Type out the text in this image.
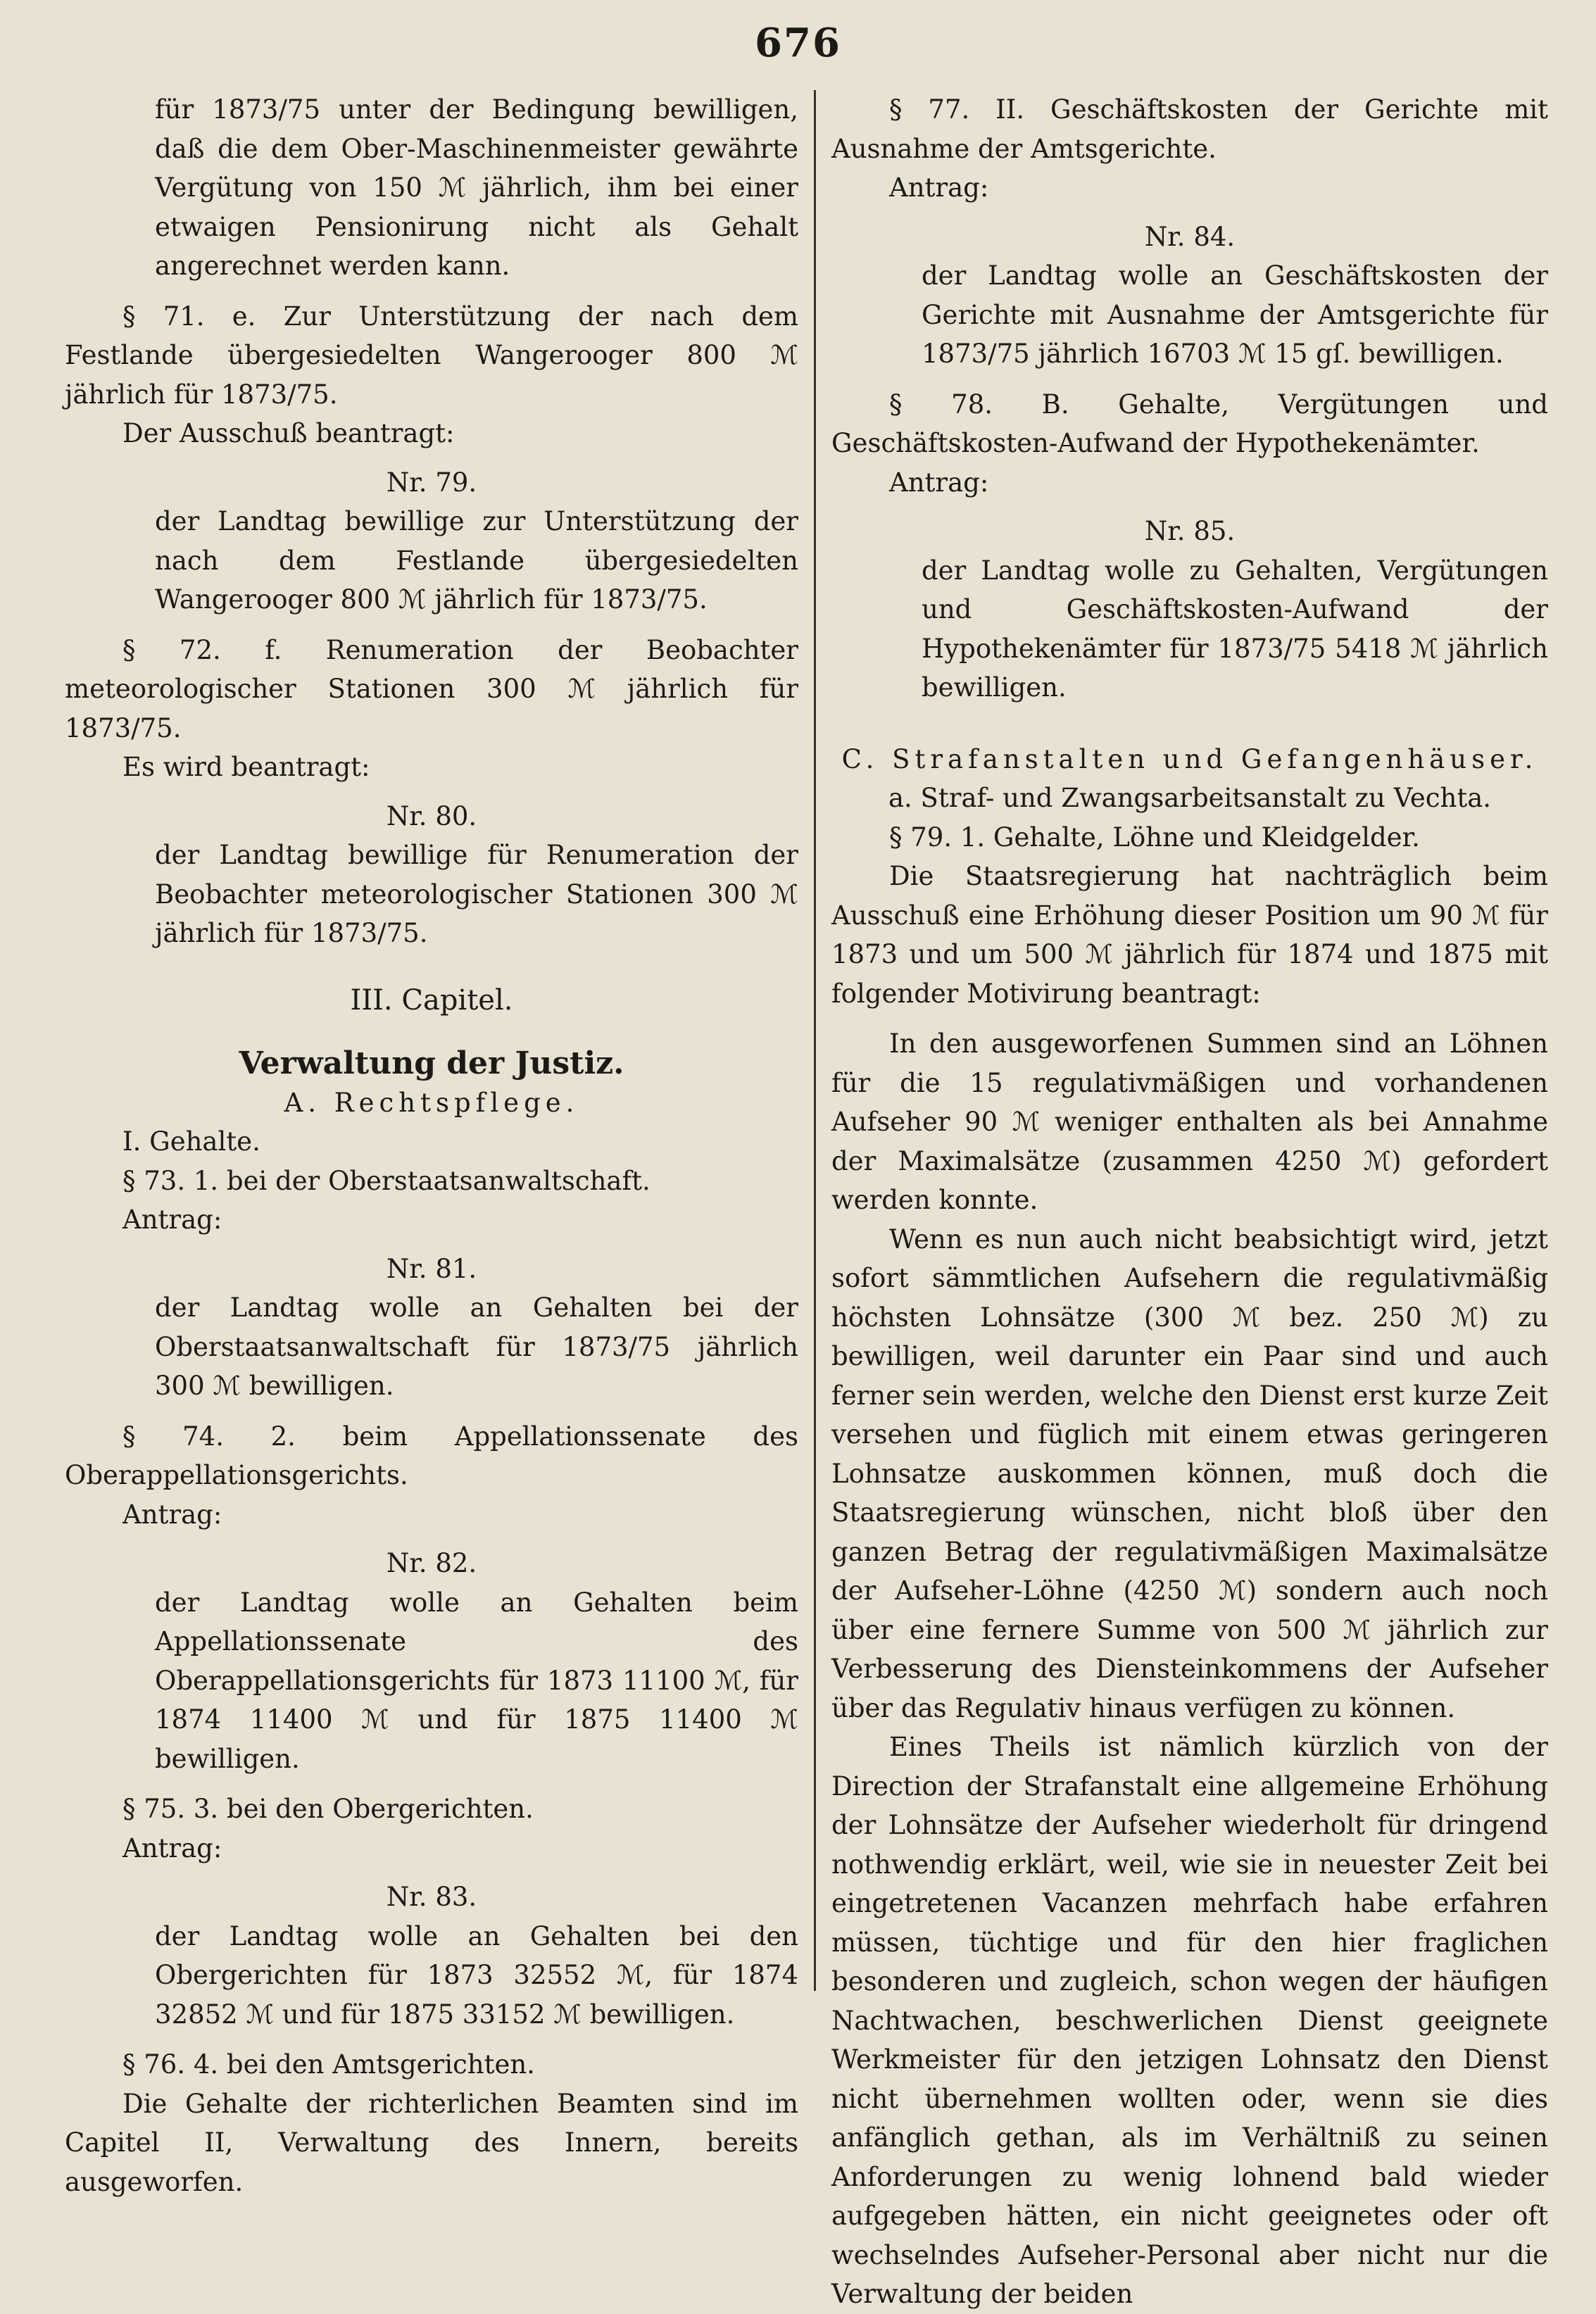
676

für 1873/75 unter der Bedingung bewilligen, daß die dem Ober-Maschinenmeister gewährte Vergütung von 150 ℳ jährlich, ihm bei einer etwaigen Pensionirung nicht als Gehalt angerechnet werden kann.

§ 71. e. Zur Unterstützung der nach dem Festlande übergesiedelten Wangerooger 800 ℳ jährlich für 1873/75.

Der Ausschuß beantragt:

Nr. 79.

der Landtag bewillige zur Unterstützung der nach dem Festlande übergesiedelten Wangerooger 800 ℳ jährlich für 1873/75.

§ 72. f. Renumeration der Beobachter meteorologischer Stationen 300 ℳ jährlich für 1873/75.

Es wird beantragt:

Nr. 80.

der Landtag bewillige für Renumeration der Beobachter meteorologischer Stationen 300 ℳ jährlich für 1873/75.

III. Capitel.

Verwaltung der Justiz.

A. Rechtspflege.

I. Gehalte.

§ 73. 1. bei der Oberstaatsanwaltschaft.

Antrag:

Nr. 81.

der Landtag wolle an Gehalten bei der Oberstaatsanwaltschaft für 1873/75 jährlich 300 ℳ bewilligen.

§ 74. 2. beim Appellationssenate des Oberappellationsgerichts.

Antrag:

Nr. 82.

der Landtag wolle an Gehalten beim Appellationssenate des Oberappellationsgerichts für 1873 11100 ℳ, für 1874 11400 ℳ und für 1875 11400 ℳ bewilligen.

§ 75. 3. bei den Obergerichten.

Antrag:

Nr. 83.

der Landtag wolle an Gehalten bei den Obergerichten für 1873 32552 ℳ, für 1874 32852 ℳ und für 1875 33152 ℳ bewilligen.

§ 76. 4. bei den Amtsgerichten.

Die Gehalte der richterlichen Beamten sind im Capitel II, Verwaltung des Innern, bereits ausgeworfen.

§ 77. II. Geschäftskosten der Gerichte mit Ausnahme der Amtsgerichte.

Antrag:

Nr. 84.

der Landtag wolle an Geschäftskosten der Gerichte mit Ausnahme der Amtsgerichte für 1873/75 jährlich 16703 ℳ 15 gſ. bewilligen.

§ 78. B. Gehalte, Vergütungen und Geschäftskosten-Aufwand der Hypothekenämter.

Antrag:

Nr. 85.

der Landtag wolle zu Gehalten, Vergütungen und Geschäftskosten-Aufwand der Hypothekenämter für 1873/75 5418 ℳ jährlich bewilligen.

C. Strafanstalten und Gefangenhäuser.

a. Straf- und Zwangsarbeitsanstalt zu Vechta.

§ 79. 1. Gehalte, Löhne und Kleidgelder.

Die Staatsregierung hat nachträglich beim Ausschuß eine Erhöhung dieser Position um 90 ℳ für 1873 und um 500 ℳ jährlich für 1874 und 1875 mit folgender Motivirung beantragt:

In den ausgeworfenen Summen sind an Löhnen für die 15 regulativmäßigen und vorhandenen Aufseher 90 ℳ weniger enthalten als bei Annahme der Maximalsätze (zusammen 4250 ℳ) gefordert werden konnte.

Wenn es nun auch nicht beabsichtigt wird, jetzt sofort sämmtlichen Aufsehern die regulativmäßig höchsten Lohnsätze (300 ℳ bez. 250 ℳ) zu bewilligen, weil darunter ein Paar sind und auch ferner sein werden, welche den Dienst erst kurze Zeit versehen und füglich mit einem etwas geringeren Lohnsatze auskommen können, muß doch die Staatsregierung wünschen, nicht bloß über den ganzen Betrag der regulativmäßigen Maximalsätze der Aufseher-Löhne (4250 ℳ) sondern auch noch über eine fernere Summe von 500 ℳ jährlich zur Verbesserung des Diensteinkommens der Aufseher über das Regulativ hinaus verfügen zu können.

Eines Theils ist nämlich kürzlich von der Direction der Strafanstalt eine allgemeine Erhöhung der Lohnsätze der Aufseher wiederholt für dringend nothwendig erklärt, weil, wie sie in neuester Zeit bei eingetretenen Vacanzen mehrfach habe erfahren müssen, tüchtige und für den hier fraglichen besonderen und zugleich, schon wegen der häufigen Nachtwachen, beschwerlichen Dienst geeignete Werkmeister für den jetzigen Lohnsatz den Dienst nicht übernehmen wollten oder, wenn sie dies anfänglich gethan, als im Verhältniß zu seinen Anforderungen zu wenig lohnend bald wieder aufgegeben hätten, ein nicht geeignetes oder oft wechselndes Aufseher-Personal aber nicht nur die Verwaltung der beiden
